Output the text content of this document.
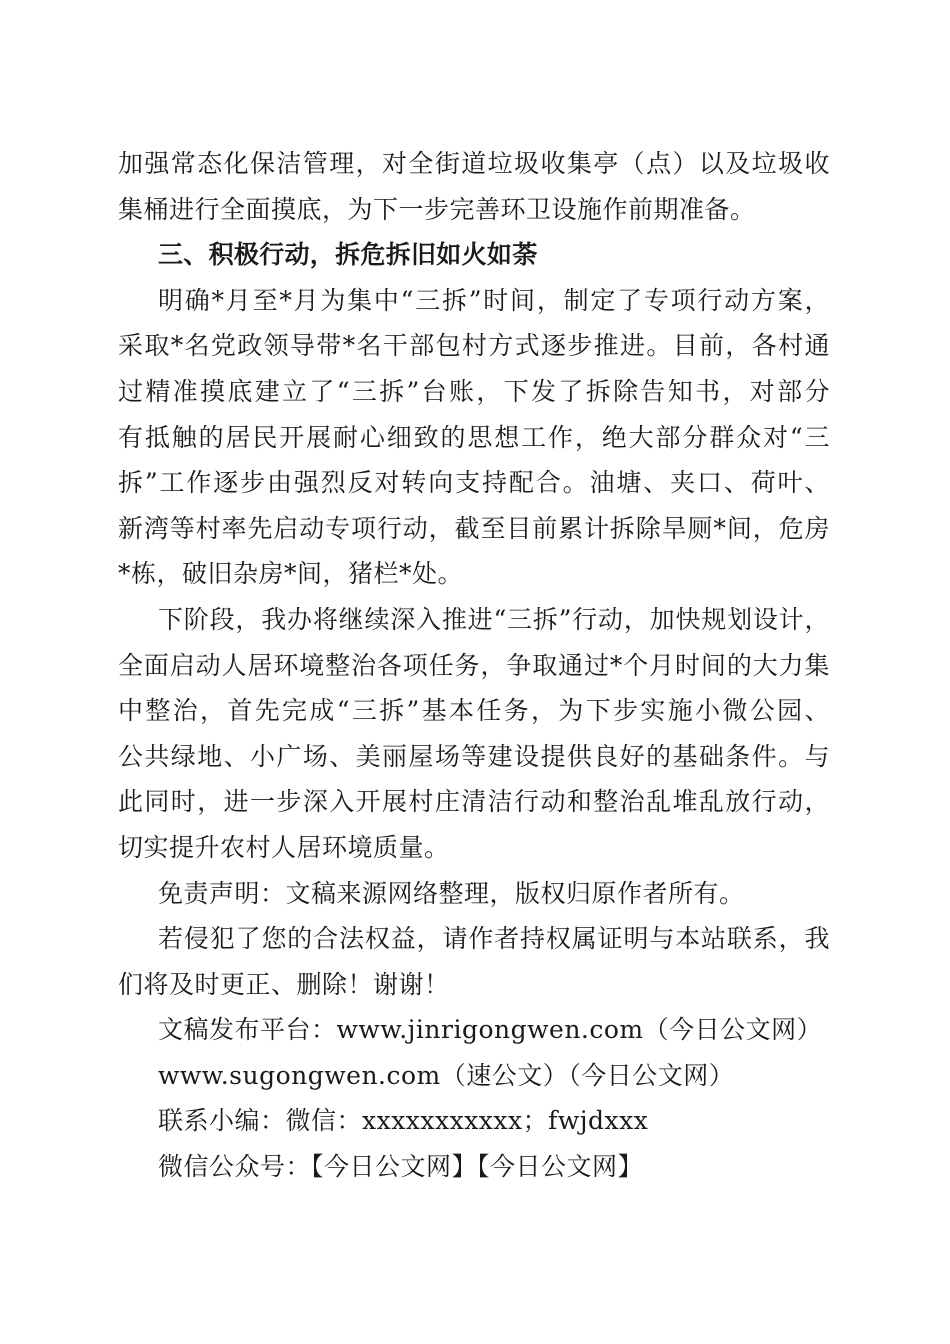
加强常态化保洁管理，对全街道垃圾收集亭（点）以及垃圾收
集桶进行全面摸底，为下一步完善环卫设施作前期准备。
三、积极行动，拆危拆旧如火如荼
明确*月至*月为集中“三拆”时间，制定了专项行动方案，
采取*名党政领导带*名干部包村方式逐步推进。目前，各村通
过精准摸底建立了“三拆”台账，下发了拆除告知书，对部分
有抵触的居民开展耐心细致的思想工作，绝大部分群众对“三
拆”工作逐步由强烈反对转向支持配合。油塘、夹口、荷叶、
新湾等村率先启动专项行动，截至目前累计拆除旱厕*间，危房
*栋，破旧杂房*间，猪栏*处。
下阶段，我办将继续深入推进“三拆”行动，加快规划设计，
全面启动人居环境整治各项任务，争取通过*个月时间的大力集
中整治，首先完成“三拆”基本任务，为下步实施小微公园、
公共绿地、小广场、美丽屋场等建设提供良好的基础条件。与
此同时，进一步深入开展村庄清洁行动和整治乱堆乱放行动，
切实提升农村人居环境质量。
免责声明：文稿来源网络整理，版权归原作者所有。
若侵犯了您的合法权益，请作者持权属证明与本站联系，我
们将及时更正、删除！谢谢！
文稿发布平台：www.jinrigongwen.com（今日公文网）
www.sugongwen.com（速公文）（今日公文网）
联系小编：微信：xxxxxxxxxxx；fwjdxxx
微信公众号：【今日公文网】【今日公文网】
